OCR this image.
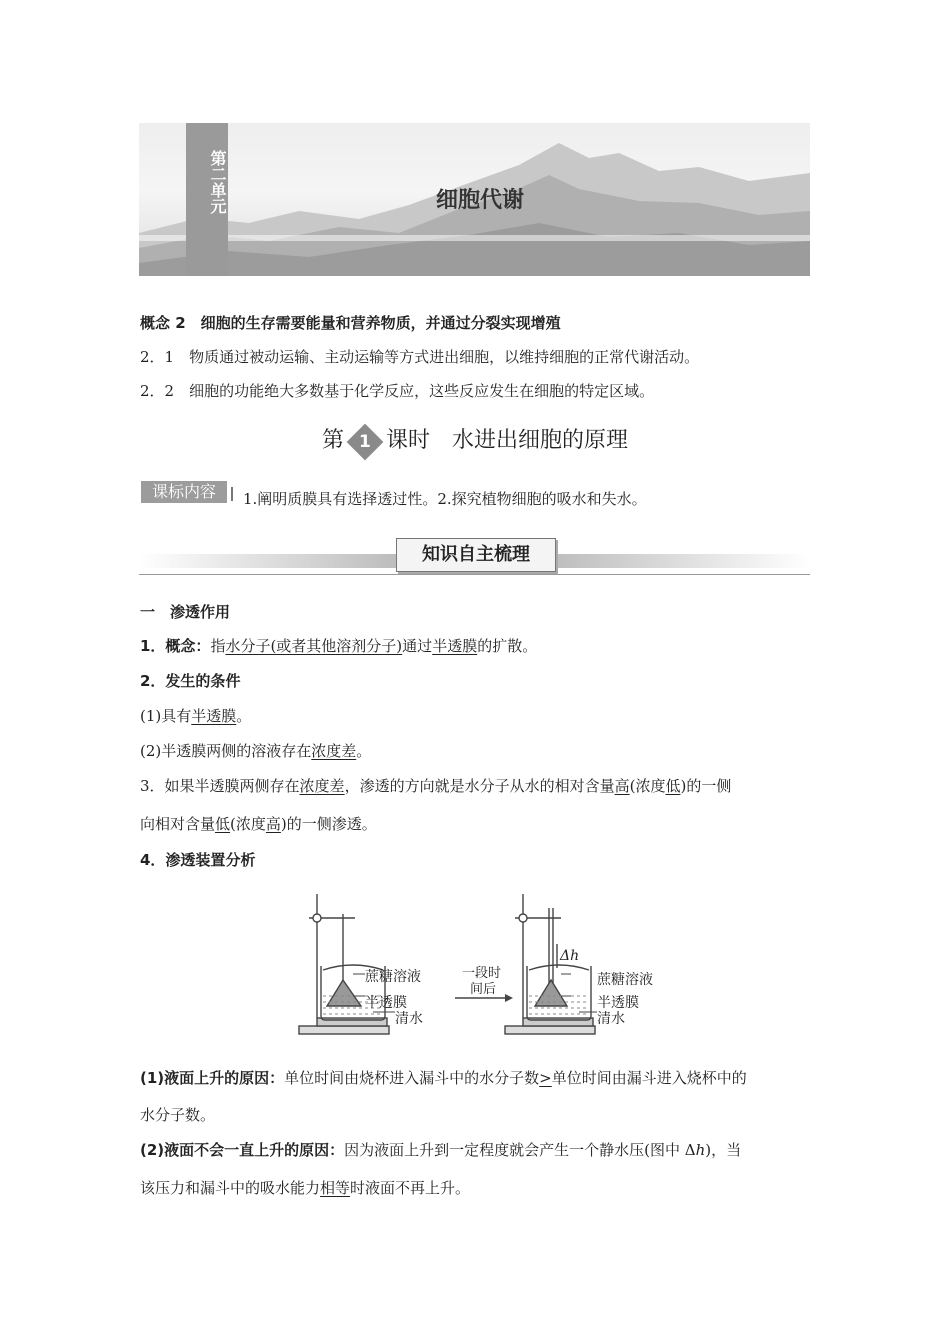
第二单元	细胞代谢
概念 2　细胞的生存需要能量和营养物质，并通过分裂实现增殖
2．1　物质通过被动运输、主动运输等方式进出细胞，以维持细胞的正常代谢活动。
2．2　细胞的功能绝大多数基于化学反应，这些反应发生在细胞的特定区域。
第 1 课时　水进出细胞的原理
课标内容	1.阐明质膜具有选择透过性。2.探究植物细胞的吸水和失水。
知识自主梳理
一　渗透作用
1．概念：指水分子(或者其他溶剂分子)通过半透膜的扩散。
2．发生的条件
(1)具有半透膜。
(2)半透膜两侧的溶液存在浓度差。
3．如果半透膜两侧存在浓度差，渗透的方向就是水分子从水的相对含量高(浓度低)的一侧
向相对含量低(浓度高)的一侧渗透。
4．渗透装置分析
蔗糖溶液
半透膜
清水
一段时
间后
Δh
蔗糖溶液
半透膜
清水
(1)液面上升的原因：单位时间由烧杯进入漏斗中的水分子数>单位时间由漏斗进入烧杯中的
水分子数。
(2)液面不会一直上升的原因：因为液面上升到一定程度就会产生一个静水压(图中 Δh)，当
该压力和漏斗中的吸水能力相等时液面不再上升。
